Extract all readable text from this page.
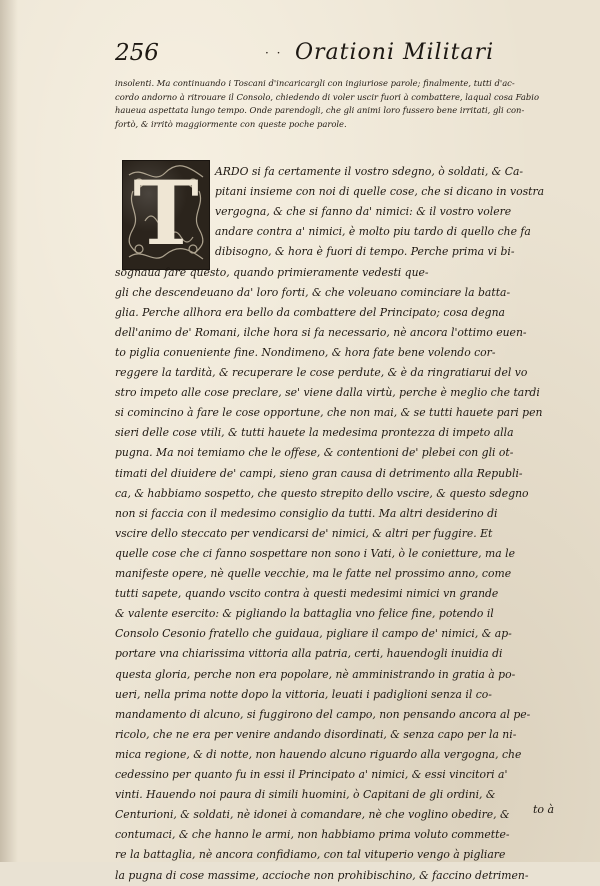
256	· · Orationi Militari
insolenti. Ma continuando i Toscani d'incaricargli con ingiuriose parole; finalmente, tutti d'ac-
cordo andorno à ritrouare il Consolo, chiedendo di voler uscir fuori à combattere, laqual cosa Fabio
haueua aspettata lungo tempo. Onde parendogli, che gli animi loro fussero bene irritati, gli con-
fortò, & irritò maggiormente con queste poche parole.
T	ARDO si fa certamente il vostro sdegno, ò soldati, & Ca-
pitani insieme con noi di quelle cose, che si dicano in vostra
vergogna, & che si fanno da' nimici: & il vostro volere
andare contra a' nimici, è molto piu tardo di quello che fa
dibisogno, & hora è fuori di tempo. Perche prima vi bi-
sognaua fare questo, quando primieramente vedesti que-
gli che descendeuano da' loro forti, & che voleuano cominciare la batta-
glia. Perche allhora era bello da combattere del Principato; cosa degna
dell'animo de' Romani, ilche hora si fa necessario, nè ancora l'ottimo euen-
to piglia conueniente fine. Nondimeno, & hora fate bene volendo cor-
reggere la tardità, & recuperare le cose perdute, & è da ringratiarui del vo
stro impeto alle cose preclare, se' viene dalla virtù, perche è meglio che tardi
si comincino à fare le cose opportune, che non mai, & se tutti hauete pari pen
sieri delle cose vtili, & tutti hauete la medesima prontezza di impeto alla
pugna. Ma noi temiamo che le offese, & contentioni de' plebei con gli ot-
timati del diuidere de' campi, sieno gran causa di detrimento alla Republi-
ca, & habbiamo sospetto, che questo strepito dello vscire, & questo sdegno
non si faccia con il medesimo consiglio da tutti. Ma altri desiderino di
vscire dello steccato per vendicarsi de' nimici, & altri per fuggire. Et
quelle cose che ci fanno sospettare non sono i Vati, ò le conietture, ma le
manifeste opere, nè quelle vecchie, ma le fatte nel prossimo anno, come
tutti sapete, quando vscito contra à questi medesimi nimici vn grande
& valente esercito: & pigliando la battaglia vno felice fine, potendo il
Consolo Cesonio fratello che guidaua, pigliare il campo de' nimici, & ap-
portare vna chiarissima vittoria alla patria, certi, hauendogli inuidia di
questa gloria, perche non era popolare, nè amministrando in gratia à po-
ueri, nella prima notte dopo la vittoria, leuati i padiglioni senza il co-
mandamento di alcuno, si fuggirono del campo, non pensando ancora al pe-
ricolo, che ne era per venire andando disordinati, & senza capo per la ni-
mica regione, & di notte, non hauendo alcuno riguardo alla vergogna, che
cedessino per quanto fu in essi il Principato a' nimici, & essi vincitori a'
vinti. Hauendo noi paura di simili huomini, ò Capitani de gli ordini, &
Centurioni, & soldati, nè idonei à comandare, nè che voglino obedire, &
contumaci, & che hanno le armi, non habbiamo prima voluto commette-
re la battaglia, nè ancora confidiamo, con tal vituperio vengo à pigliare
la pugna di cose massime, accioche non prohibischino, & faccino detrimen-
to à
